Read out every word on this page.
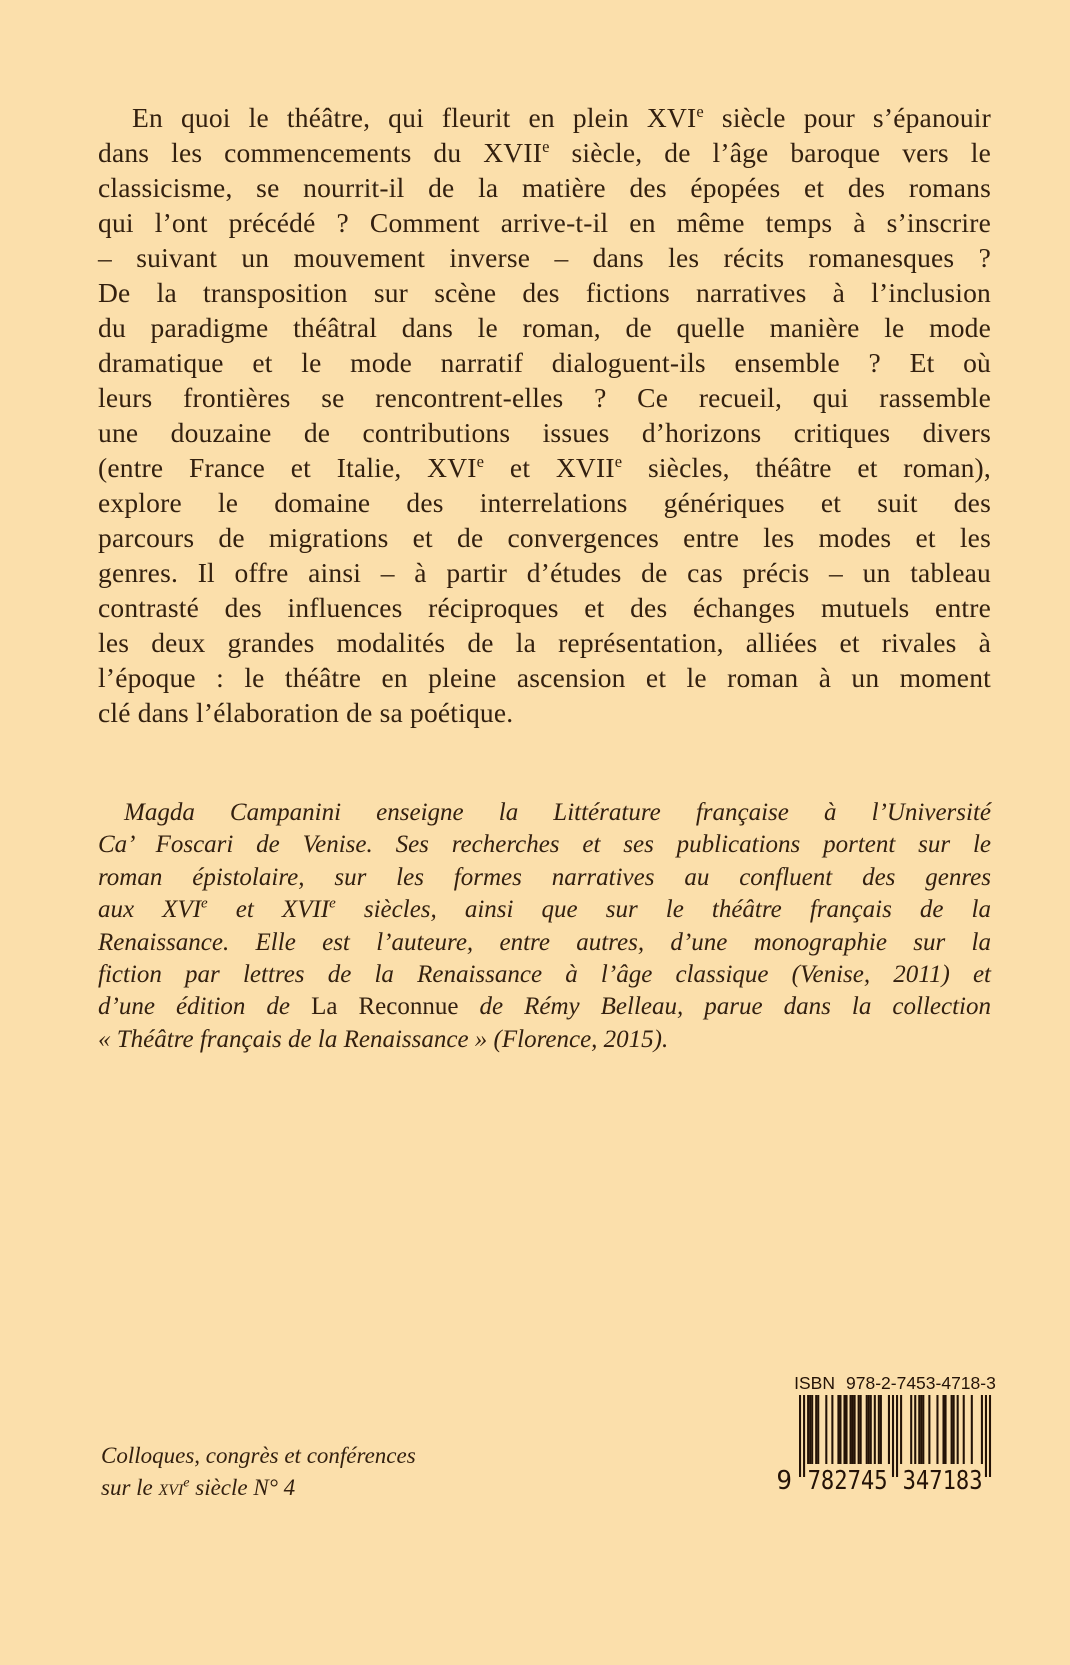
En quoi le théâtre, qui fleurit en plein XVIe siècle pour s’épanouir
dans les commencements du XVIIe siècle, de l’âge baroque vers le
classicisme, se nourrit-il de la matière des épopées et des romans
qui l’ont précédé ? Comment arrive-t-il en même temps à s’inscrire
– suivant un mouvement inverse – dans les récits romanesques ?
De la transposition sur scène des fictions narratives à l’inclusion
du paradigme théâtral dans le roman, de quelle manière le mode
dramatique et le mode narratif dialoguent-ils ensemble ? Et où
leurs frontières se rencontrent-elles ? Ce recueil, qui rassemble
une douzaine de contributions issues d’horizons critiques divers
(entre France et Italie, XVIe et XVIIe siècles, théâtre et roman),
explore le domaine des interrelations génériques et suit des
parcours de migrations et de convergences entre les modes et les
genres. Il offre ainsi – à partir d’études de cas précis – un tableau
contrasté des influences réciproques et des échanges mutuels entre
les deux grandes modalités de la représentation, alliées et rivales à
l’époque : le théâtre en pleine ascension et le roman à un moment
clé dans l’élaboration de sa poétique.
Magda Campanini enseigne la Littérature française à l’Université
Ca’ Foscari de Venise. Ses recherches et ses publications portent sur le
roman épistolaire, sur les formes narratives au confluent des genres
aux XVIe et XVIIe siècles, ainsi que sur le théâtre français de la
Renaissance. Elle est l’auteure, entre autres, d’une monographie sur la
fiction par lettres de la Renaissance à l’âge classique (Venise, 2011) et
d’une édition de La Reconnue de Rémy Belleau, parue dans la collection
« Théâtre français de la Renaissance » (Florence, 2015).
Colloques, congrès et conférences
sur le xvi$^e$ siècle N° 4
ISBN 978-2-7453-4718-3
9 782745 347183
